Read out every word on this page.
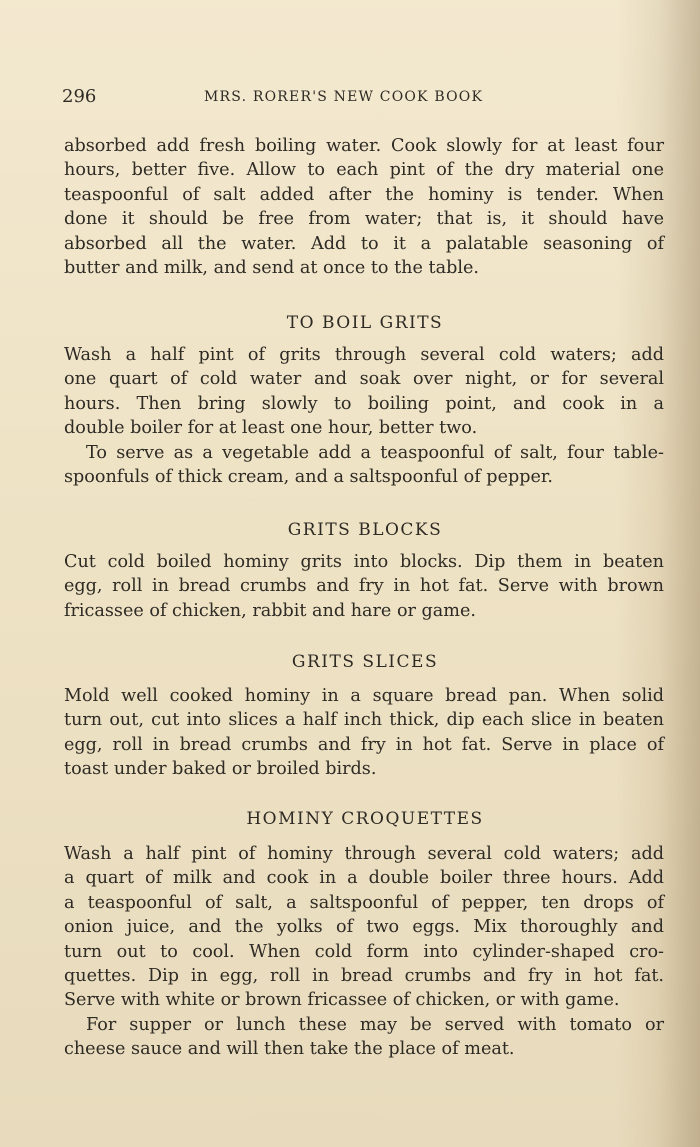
296	MRS. RORER'S NEW COOK BOOK
absorbed add fresh boiling water. Cook slowly for at least four
hours, better five. Allow to each pint of the dry material one
teaspoonful of salt added after the hominy is tender. When
done it should be free from water; that is, it should have
absorbed all the water. Add to it a palatable seasoning of
butter and milk, and send at once to the table.
TO BOIL GRITS
Wash a half pint of grits through several cold waters; add
one quart of cold water and soak over night, or for several
hours. Then bring slowly to boiling point, and cook in a
double boiler for at least one hour, better two.
To serve as a vegetable add a teaspoonful of salt, four table-
spoonfuls of thick cream, and a saltspoonful of pepper.
GRITS BLOCKS
Cut cold boiled hominy grits into blocks. Dip them in beaten
egg, roll in bread crumbs and fry in hot fat. Serve with brown
fricassee of chicken, rabbit and hare or game.
GRITS SLICES
Mold well cooked hominy in a square bread pan. When solid
turn out, cut into slices a half inch thick, dip each slice in beaten
egg, roll in bread crumbs and fry in hot fat. Serve in place of
toast under baked or broiled birds.
HOMINY CROQUETTES
Wash a half pint of hominy through several cold waters; add
a quart of milk and cook in a double boiler three hours. Add
a teaspoonful of salt, a saltspoonful of pepper, ten drops of
onion juice, and the yolks of two eggs. Mix thoroughly and
turn out to cool. When cold form into cylinder-shaped cro-
quettes. Dip in egg, roll in bread crumbs and fry in hot fat.
Serve with white or brown fricassee of chicken, or with game.
For supper or lunch these may be served with tomato or
cheese sauce and will then take the place of meat.
